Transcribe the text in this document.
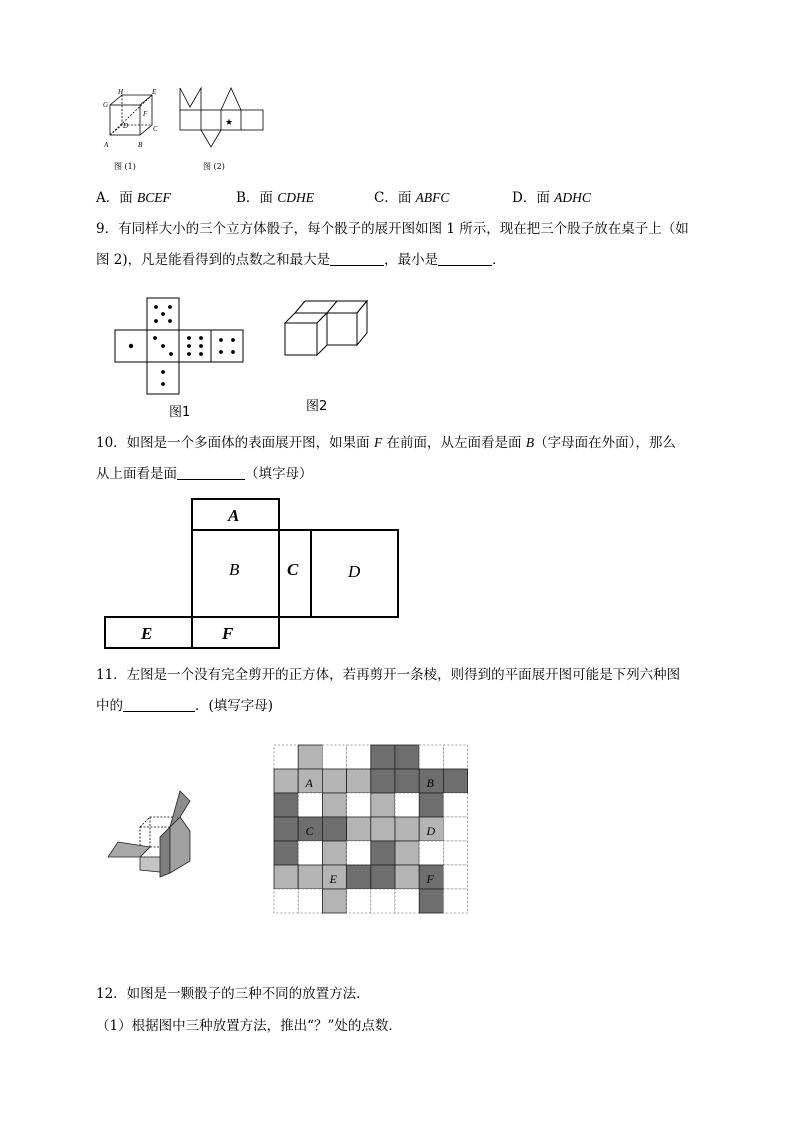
H	E
G
F
D	C
A	B
图 (1)
★
图 (2)
A．面 BCEF	B．面 CDHE	C．面 ABFC	D．面 ADHC
9．有同样大小的三个立方体骰子，每个骰子的展开图如图 1 所示，现在把三个股子放在桌子上（如
图 2)，凡是能看得到的点数之和最大是	，最小是	．
图1	图2
10．如图是一个多面体的表面展开图，如果面 F 在前面，从左面看是面 B（字母面在外面），那么
从上面看是面	（填字母）
A
B	C	D
E	F
11．左图是一个没有完全剪开的正方体，若再剪开一条棱，则得到的平面展开图可能是下列六种图
中的	．(填写字母)
A	B
C	D
E	F
12．如图是一颗骰子的三种不同的放置方法．
（1）根据图中三种放置方法，推出“？”处的点数．
